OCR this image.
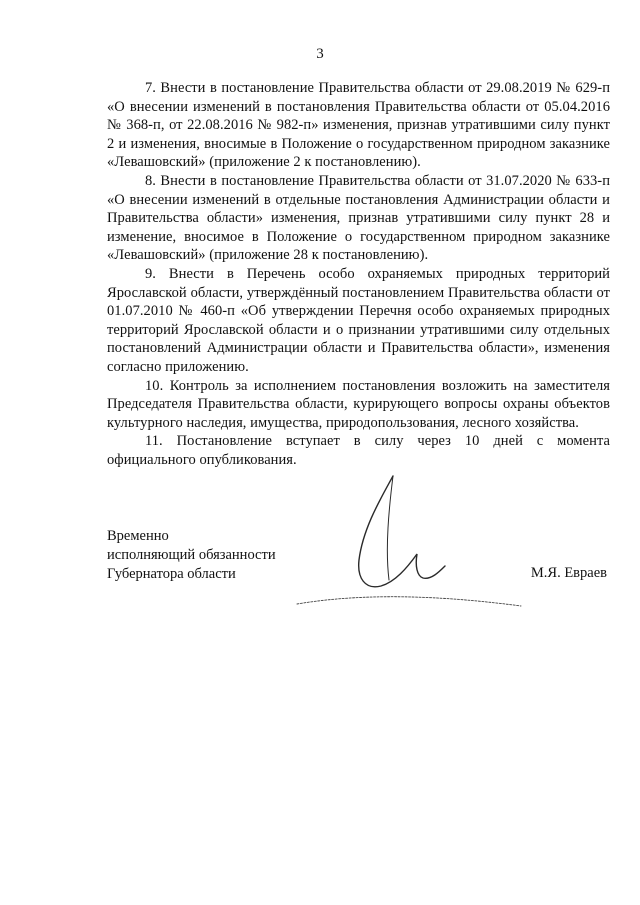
3

7. Внести в постановление Правительства области от 29.08.2019 № 629-п «О внесении изменений в постановления Правительства области от 05.04.2016 № 368-п, от 22.08.2016 № 982-п» изменения, признав утратившими силу пункт 2 и изменения, вносимые в Положение о государственном природном заказнике «Левашовский» (приложение 2 к постановлению).

8. Внести в постановление Правительства области от 31.07.2020 № 633-п «О внесении изменений в отдельные постановления Администрации области и Правительства области» изменения, признав утратившими силу пункт 28 и изменение, вносимое в Положение о государственном природном заказнике «Левашовский» (приложение 28 к постановлению).

9. Внести в Перечень особо охраняемых природных территорий Ярославской области, утверждённый постановлением Правительства области от 01.07.2010 № 460-п «Об утверждении Перечня особо охраняемых природных территорий Ярославской области и о признании утратившими силу отдельных постановлений Администрации области и Правительства области», изменения согласно приложению.

10. Контроль за исполнением постановления возложить на заместителя Председателя Правительства области, курирующего вопросы охраны объектов культурного наследия, имущества, природопользования, лесного хозяйства.

11. Постановление вступает в силу через 10 дней с момента официального опубликования.

Временно
исполняющий обязанности
Губернатора области	М.Я. Евраев
